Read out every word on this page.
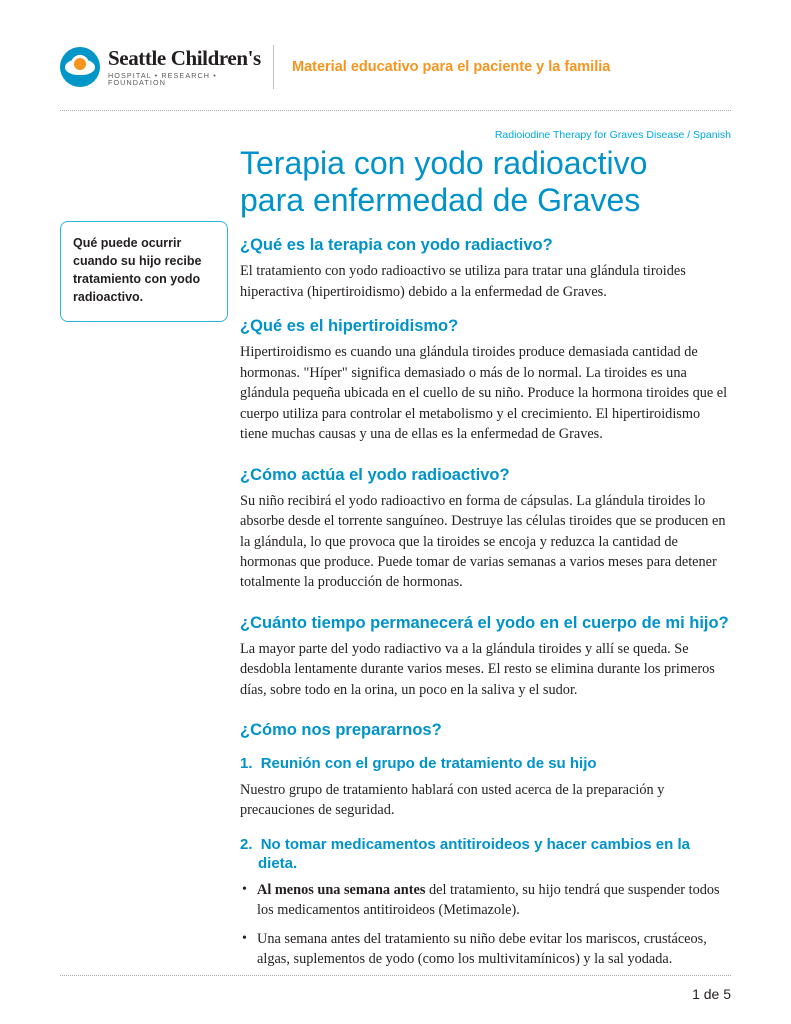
Seattle Children's
HOSPITAL • RESEARCH • FOUNDATION
Material educativo para el paciente y la familia
Qué puede ocurrir cuando su hijo recibe tratamiento con yodo radioactivo.
Radioiodine Therapy for Graves Disease / Spanish
Terapia con yodo radioactivo
para enfermedad de Graves
¿Qué es la terapia con yodo radiactivo?

El tratamiento con yodo radioactivo se utiliza para tratar una glándula tiroides hiperactiva (hipertiroidismo) debido a la enfermedad de Graves.

¿Qué es el hipertiroidismo?

Hipertiroidismo es cuando una glándula tiroides produce demasiada cantidad de hormonas. "Híper" significa demasiado o más de lo normal. La tiroides es una glándula pequeña ubicada en el cuello de su niño. Produce la hormona tiroides que el cuerpo utiliza para controlar el metabolismo y el crecimiento. El hipertiroidismo tiene muchas causas y una de ellas es la enfermedad de Graves.

¿Cómo actúa el yodo radioactivo?

Su niño recibirá el yodo radioactivo en forma de cápsulas. La glándula tiroides lo absorbe desde el torrente sanguíneo. Destruye las células tiroides que se producen en la glándula, lo que provoca que la tiroides se encoja y reduzca la cantidad de hormonas que produce. Puede tomar de varias semanas a varios meses para detener totalmente la producción de hormonas.

¿Cuánto tiempo permanecerá el yodo en el cuerpo de mi hijo?

La mayor parte del yodo radiactivo va a la glándula tiroides y allí se queda. Se desdobla lentamente durante varios meses. El resto se elimina durante los primeros días, sobre todo en la orina, un poco en la saliva y el sudor.

¿Cómo nos prepararnos?
1. Reunión con el grupo de tratamiento de su hijo

Nuestro grupo de tratamiento hablará con usted acerca de la preparación y precauciones de seguridad.

2. No tomar medicamentos antitiroideos y hacer cambios en la dieta.
• Al menos una semana antes del tratamiento, su hijo tendrá que suspender todos los medicamentos antitiroideos (Metimazole).
• Una semana antes del tratamiento su niño debe evitar los mariscos, crustáceos, algas, suplementos de yodo (como los multivitamínicos) y la sal yodada.
1 de 5
